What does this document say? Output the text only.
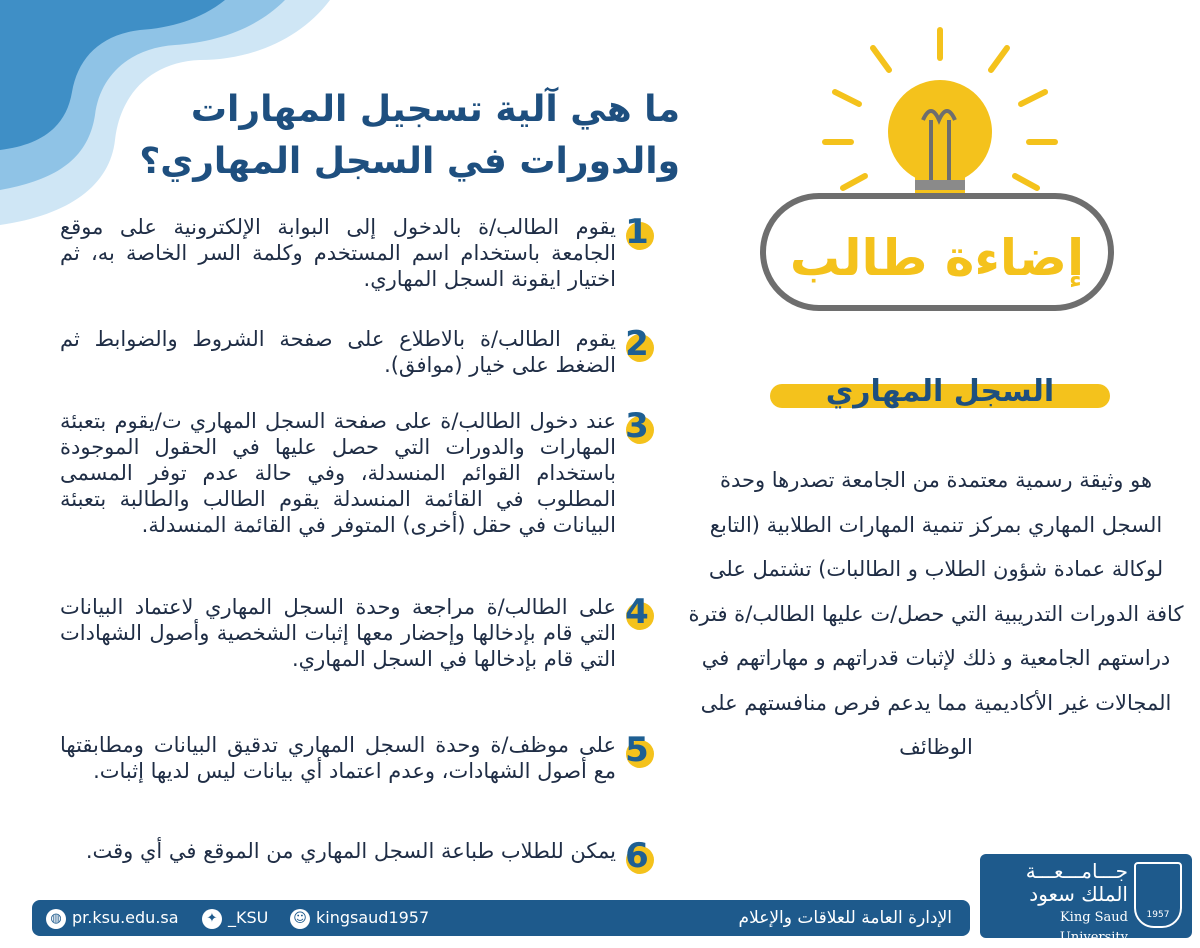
ما هي آلية تسجيل المهارات
والدورات في السجل المهاري؟
إضاءة طالب
السجل المهاري
هو وثيقة رسمية معتمدة من الجامعة تصدرها وحدة السجل المهاري بمركز تنمية المهارات الطلابية (التابع لوكالة عمادة شؤون الطلاب و الطالبات) تشتمل على كافة الدورات التدريبية التي حصل/ت عليها الطالب/ة فترة دراستهم الجامعية و ذلك لإثبات قدراتهم و مهاراتهم في المجالات غير الأكاديمية مما يدعم فرص منافستهم على الوظائف
1
يقوم الطالب/ة بالدخول إلى البوابة الإلكترونية على موقع الجامعة باستخدام اسم المستخدم وكلمة السر الخاصة به، ثم اختيار ايقونة السجل المهاري.
2
يقوم الطالب/ة بالاطلاع على صفحة الشروط والضوابط ثم الضغط على خيار (موافق).
3
عند دخول الطالب/ة على صفحة السجل المهاري ت/يقوم بتعبئة المهارات والدورات التي حصل عليها في الحقول الموجودة باستخدام القوائم المنسدلة، وفي حالة عدم توفر المسمى المطلوب في القائمة المنسدلة يقوم الطالب والطالبة بتعبئة البيانات في حقل (أخرى) المتوفر في القائمة المنسدلة.
4
على الطالب/ة مراجعة وحدة السجل المهاري لاعتماد البيانات التي قام بإدخالها وإحضار معها إثبات الشخصية وأصول الشهادات التي قام بإدخالها في السجل المهاري.
5
على موظف/ة وحدة السجل المهاري تدقيق البيانات ومطابقتها مع أصول الشهادات، وعدم اعتماد أي بيانات ليس لديها إثبات.
6
يمكن للطلاب طباعة السجل المهاري من الموقع في أي وقت.
◍ pr.ksu.edu.sa	✦ _KSU ☺ kingsaud1957	الإدارة العامة للعلاقات والإعلام
جـــامـــعـــة
الملك سعود
King Saud University
1957
